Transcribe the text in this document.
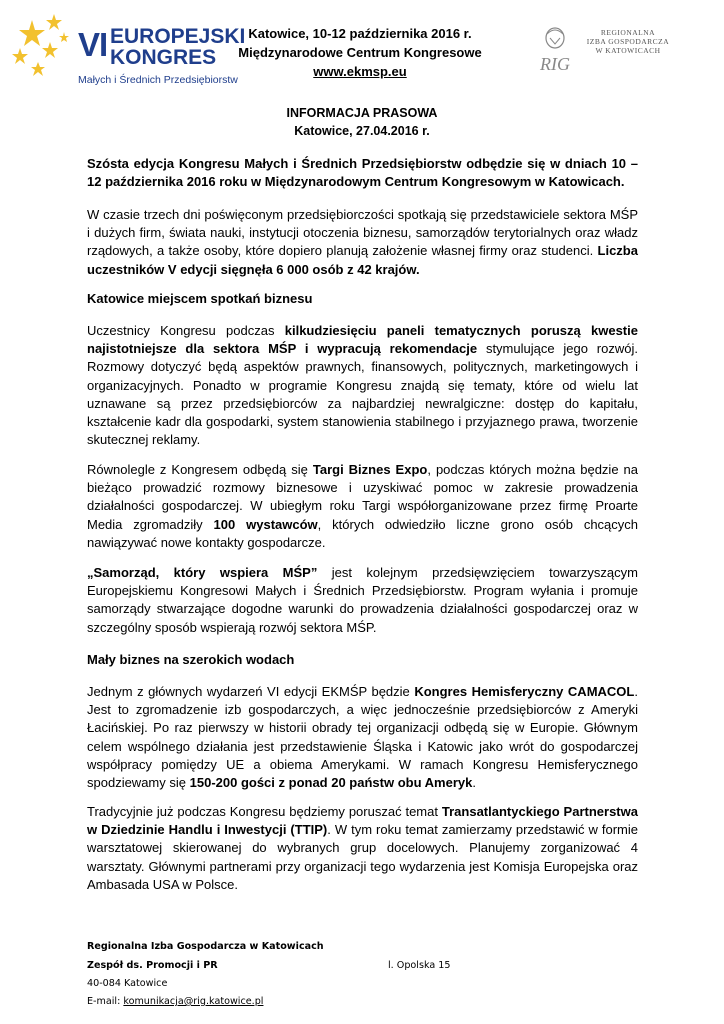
VI EUROPEJSKI
KONGRES
Małych i Średnich Przedsiębiorstw
Katowice, 10-12 października 2016 r.
Międzynarodowe Centrum Kongresowe
www.ekmsp.eu	RIG
REGIONALNA
IZBA GOSPODARCZA
W KATOWICACH
INFORMACJA PRASOWA
Katowice, 27.04.2016 r.
Szósta edycja Kongresu Małych i Średnich Przedsiębiorstw odbędzie się w dniach 10 – 12 października 2016 roku w Międzynarodowym Centrum Kongresowym w Katowicach.
W czasie trzech dni poświęconym przedsiębiorczości spotkają się przedstawiciele sektora MŚP i dużych firm, świata nauki, instytucji otoczenia biznesu, samorządów terytorialnych oraz władz rządowych, a także osoby, które dopiero planują założenie własnej firmy oraz studenci. Liczba uczestników V edycji sięgnęła 6 000 osób z 42 krajów.
Katowice miejscem spotkań biznesu
Uczestnicy Kongresu podczas kilkudziesięciu paneli tematycznych poruszą kwestie najistotniejsze dla sektora MŚP i wypracują rekomendacje stymulujące jego rozwój. Rozmowy dotyczyć będą aspektów prawnych, finansowych, politycznych, marketingowych i organizacyjnych. Ponadto w programie Kongresu znajdą się tematy, które od wielu lat uznawane są przez przedsiębiorców za najbardziej newralgiczne: dostęp do kapitału, kształcenie kadr dla gospodarki, system stanowienia stabilnego i przyjaznego prawa, tworzenie skutecznej reklamy.
Równolegle z Kongresem odbędą się Targi Biznes Expo, podczas których można będzie na bieżąco prowadzić rozmowy biznesowe i uzyskiwać pomoc w zakresie prowadzenia działalności gospodarczej. W ubiegłym roku Targi współorganizowane przez firmę Proarte Media zgromadziły 100 wystawców, których odwiedziło liczne grono osób chcących nawiązywać nowe kontakty gospodarcze.
„Samorząd, który wspiera MŚP” jest kolejnym przedsięwzięciem towarzyszącym Europejskiemu Kongresowi Małych i Średnich Przedsiębiorstw. Program wyłania i promuje samorządy stwarzające dogodne warunki do prowadzenia działalności gospodarczej oraz w szczególny sposób wspierają rozwój sektora MŚP.
Mały biznes na szerokich wodach
Jednym z głównych wydarzeń VI edycji EKMŚP będzie Kongres Hemisferyczny CAMACOL. Jest to zgromadzenie izb gospodarczych, a więc jednocześnie przedsiębiorców z Ameryki Łacińskiej. Po raz pierwszy w historii obrady tej organizacji odbędą się w Europie. Głównym celem wspólnego działania jest przedstawienie Śląska i Katowic jako wrót do gospodarczej współpracy pomiędzy UE a obiema Amerykami. W ramach Kongresu Hemisferycznego spodziewamy się 150-200 gości z ponad 20 państw obu Ameryk.
Tradycyjnie już podczas Kongresu będziemy poruszać temat Transatlantyckiego Partnerstwa w Dziedzinie Handlu i Inwestycji (TTIP). W tym roku temat zamierzamy przedstawić w formie warsztatowej skierowanej do wybranych grup docelowych. Planujemy zorganizować 4 warsztaty. Głównymi partnerami przy organizacji tego wydarzenia jest Komisja Europejska oraz Ambasada USA w Polsce.
Regionalna Izba Gospodarcza w Katowicach
Zespół ds. Promocji i PR	l. Opolska 15
40-084 Katowice
E-mail: komunikacja@rig.katowice.pl
